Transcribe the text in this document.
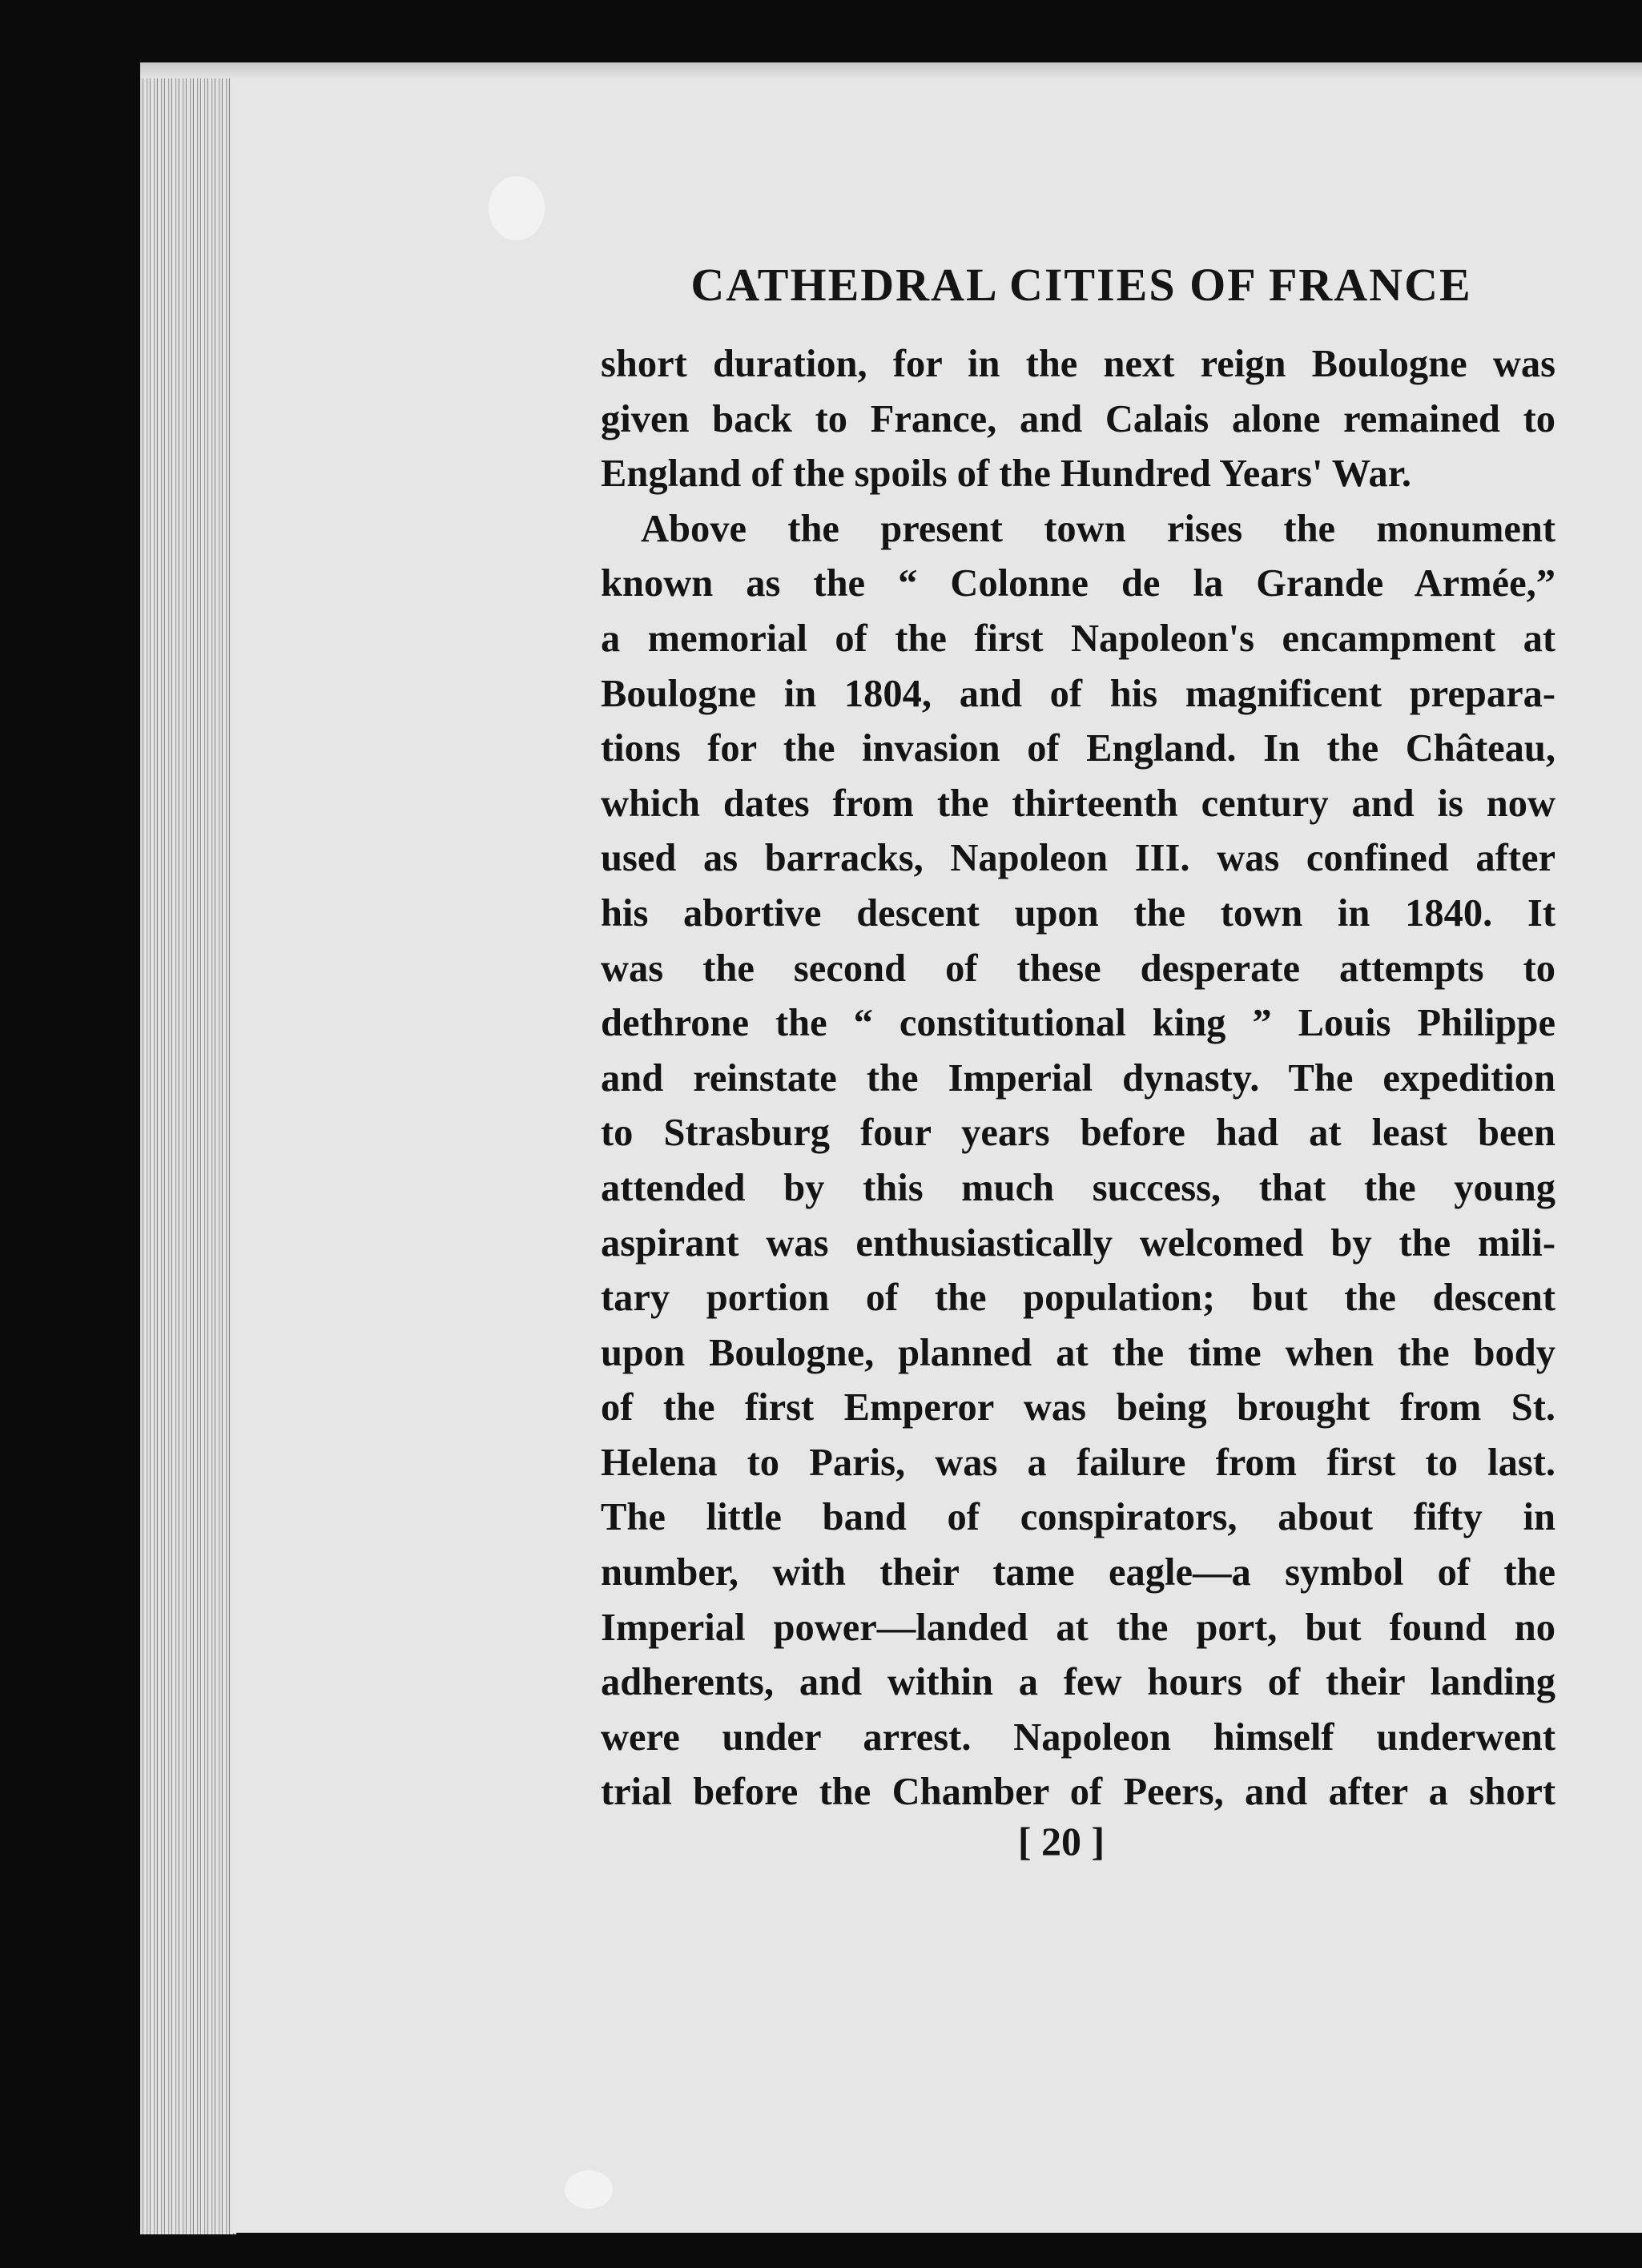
CATHEDRAL CITIES OF FRANCE
short duration, for in the next reign Boulogne was
given back to France, and Calais alone remained to
England of the spoils of the Hundred Years' War.
Above the present town rises the monument
known as the “ Colonne de la Grande Armée,”
a memorial of the first Napoleon's encampment at
Boulogne in 1804, and of his magnificent prepara-
tions for the invasion of England. In the Château,
which dates from the thirteenth century and is now
used as barracks, Napoleon III. was confined after
his abortive descent upon the town in 1840. It
was the second of these desperate attempts to
dethrone the “ constitutional king ” Louis Philippe
and reinstate the Imperial dynasty. The expedition
to Strasburg four years before had at least been
attended by this much success, that the young
aspirant was enthusiastically welcomed by the mili-
tary portion of the population; but the descent
upon Boulogne, planned at the time when the body
of the first Emperor was being brought from St.
Helena to Paris, was a failure from first to last.
The little band of conspirators, about fifty in
number, with their tame eagle—a symbol of the
Imperial power—landed at the port, but found no
adherents, and within a few hours of their landing
were under arrest. Napoleon himself underwent
trial before the Chamber of Peers, and after a short
[ 20 ]
